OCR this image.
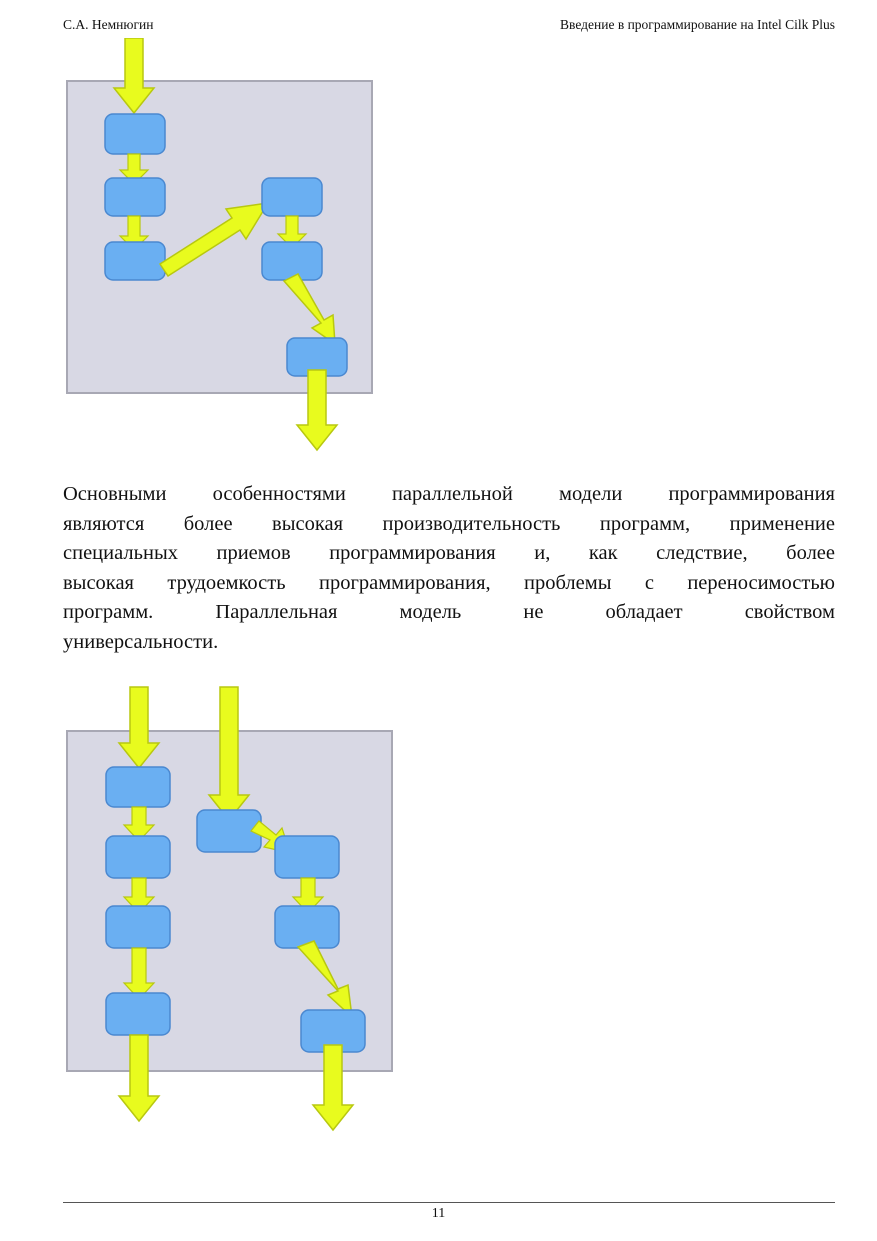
С.А. Немнюгин	Введение в программирование на Intel Cilk Plus
Основными особенностями параллельной модели программирования
являются более высокая производительность программ, применение
специальных приемов программирования и, как следствие, более
высокая трудоемкость программирования, проблемы с переносимостью
программ. Параллельная модель не обладает свойством
универсальности.
11
